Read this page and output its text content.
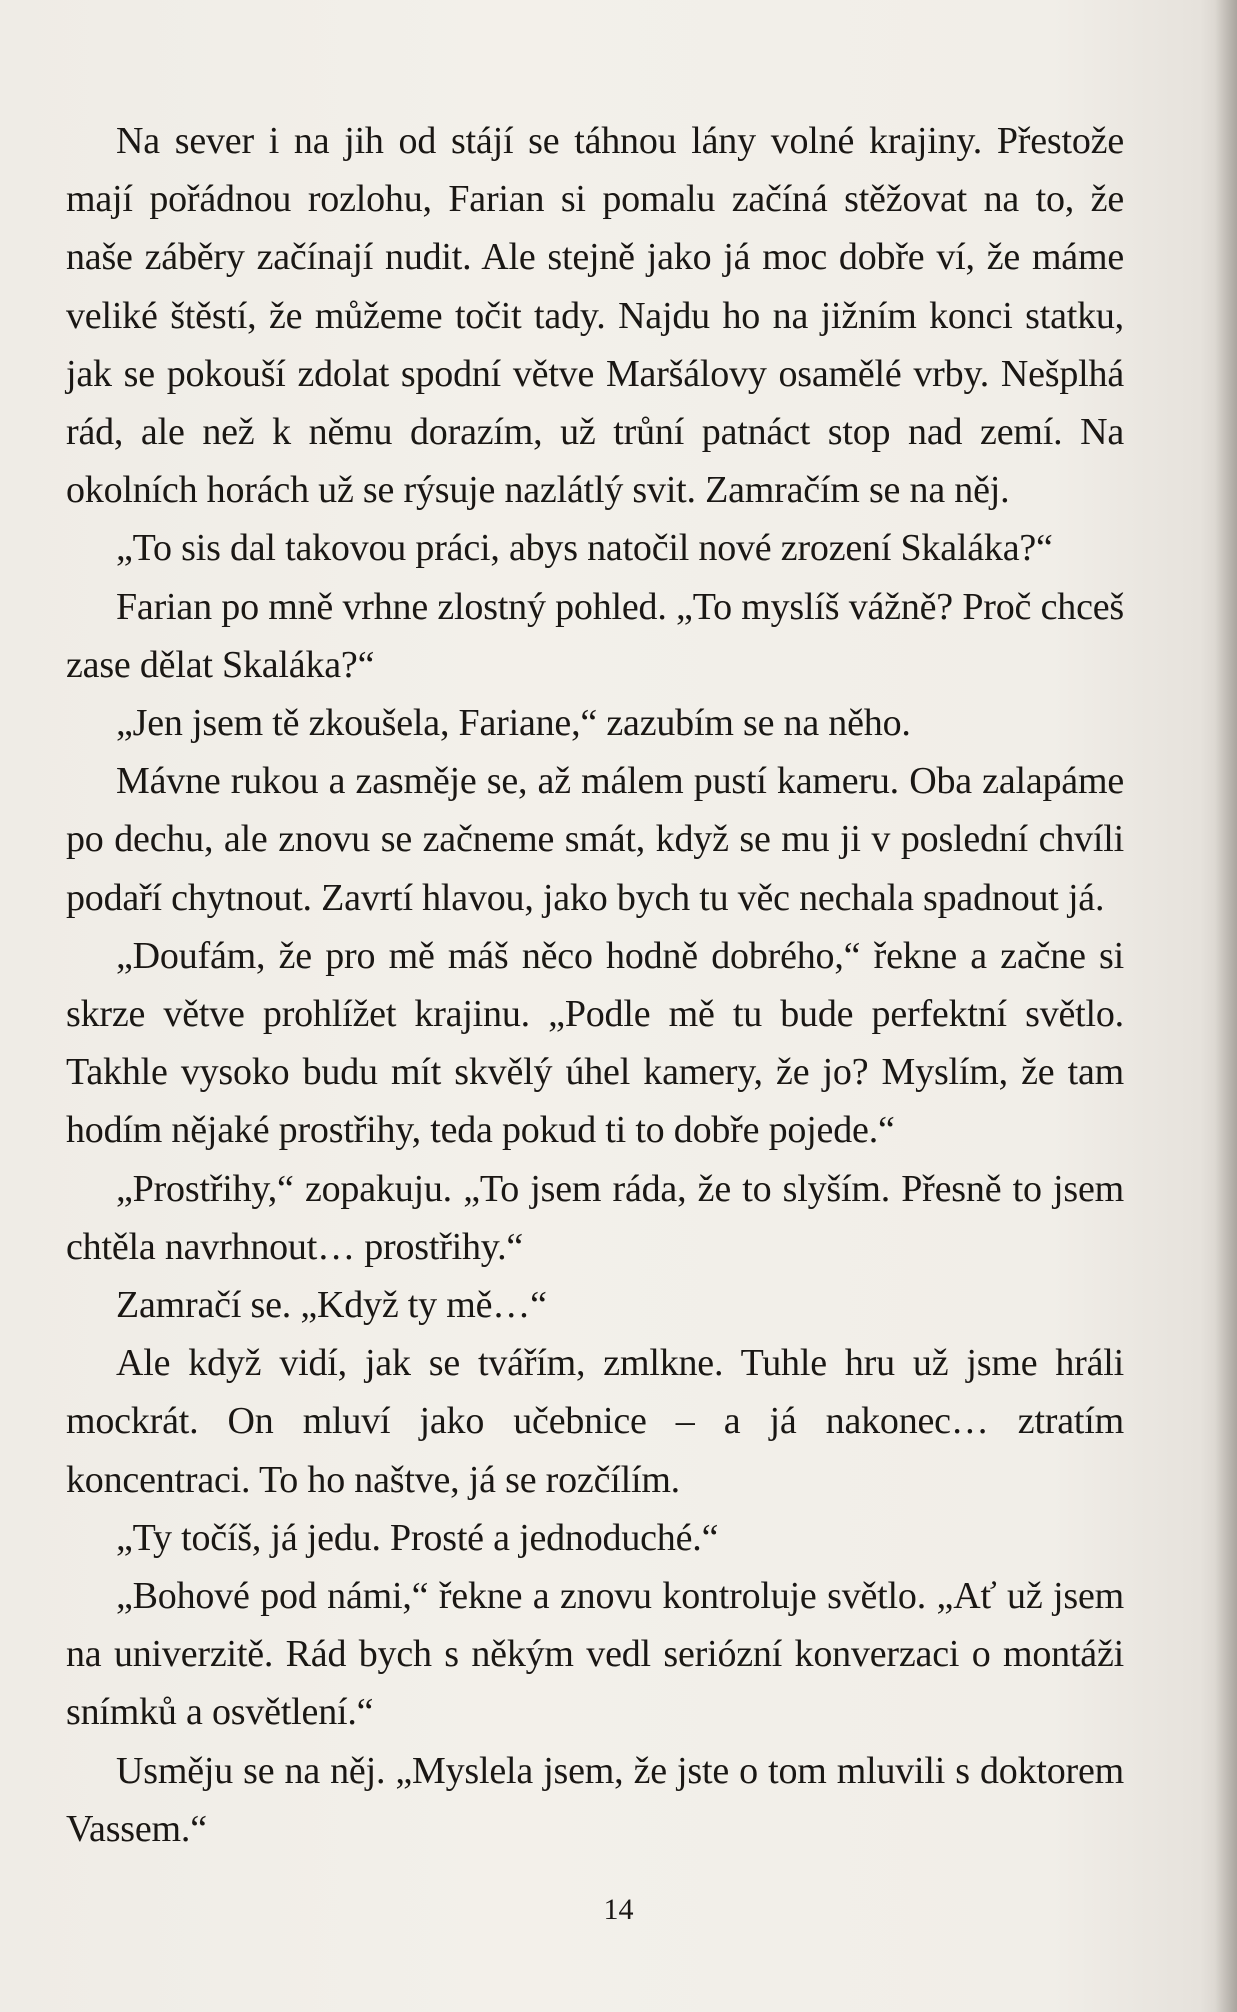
Na sever i na jih od stájí se táhnou lány volné krajiny. Přestože mají pořádnou rozlohu, Farian si pomalu začíná stěžovat na to, že naše záběry začínají nudit. Ale stejně jako já moc dobře ví, že máme veliké štěstí, že můžeme točit tady. Najdu ho na jižním konci statku, jak se pokouší zdolat spodní větve Maršálovy osamělé vrby. Nešplhá rád, ale než k němu dorazím, už trůní patnáct stop nad zemí. Na okolních horách už se rýsuje nazlátlý svit. Zamračím se na něj.

„To sis dal takovou práci, abys natočil nové zrození Skaláka?“

Farian po mně vrhne zlostný pohled. „To myslíš vážně? Proč chceš zase dělat Skaláka?“

„Jen jsem tě zkoušela, Fariane,“ zazubím se na něho.

Mávne rukou a zasměje se, až málem pustí kameru. Oba zalapáme po dechu, ale znovu se začneme smát, když se mu ji v poslední chvíli podaří chytnout. Zavrtí hlavou, jako bych tu věc nechala spadnout já.

„Doufám, že pro mě máš něco hodně dobrého,“ řekne a začne si skrze větve prohlížet krajinu. „Podle mě tu bude perfektní světlo. Takhle vysoko budu mít skvělý úhel kamery, že jo? Myslím, že tam hodím nějaké prostřihy, teda pokud ti to dobře pojede.“

„Prostřihy,“ zopakuju. „To jsem ráda, že to slyším. Přesně to jsem chtěla navrhnout… prostřihy.“

Zamračí se. „Když ty mě…“

Ale když vidí, jak se tvářím, zmlkne. Tuhle hru už jsme hráli mockrát. On mluví jako učebnice – a já nakonec… ztratím koncentraci. To ho naštve, já se rozčílím.

„Ty točíš, já jedu. Prosté a jednoduché.“

„Bohové pod námi,“ řekne a znovu kontroluje světlo. „Ať už jsem na univerzitě. Rád bych s někým vedl seriózní konverzaci o montáži snímků a osvětlení.“

Usměju se na něj. „Myslela jsem, že jste o tom mluvili s doktorem Vassem.“

14
